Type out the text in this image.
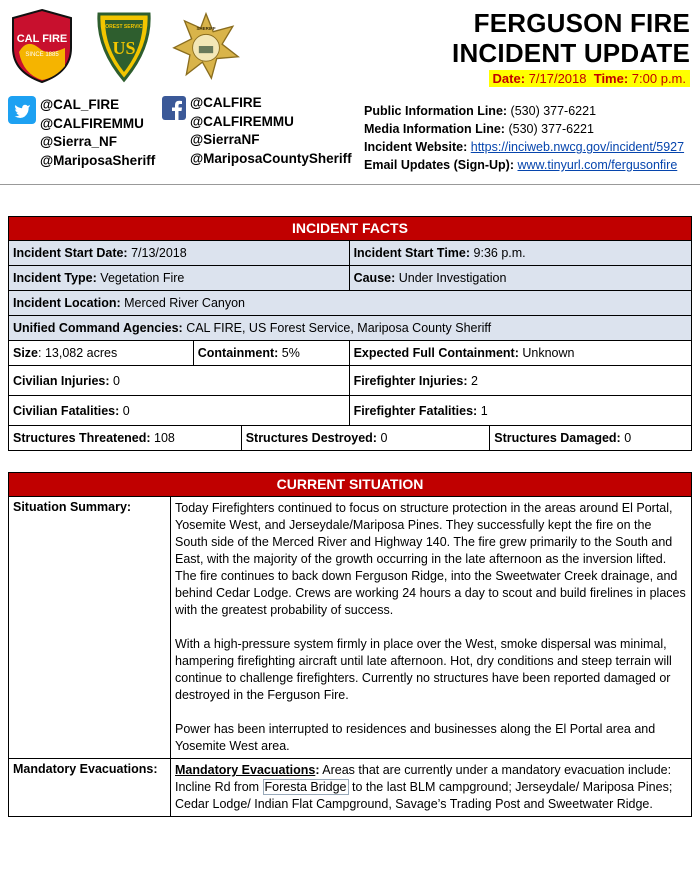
CAL FIRE
SINCE 1885
FOREST SERVICE
US
SHERIFF	FERGUSON FIRE
INCIDENT UPDATE
Date: 7/17/2018 Time: 7:00 p.m.
@CAL_FIRE
@CALFIREMMU
@Sierra_NF
@MariposaSheriff
@CALFIRE
@CALFIREMMU
@SierraNF
@MariposaCountySheriff
Public Information Line: (530) 377-6221
Media Information Line: (530) 377-6221
Incident Website: https://inciweb.nwcg.gov/incident/5927
Email Updates (Sign-Up): www.tinyurl.com/fergusonfire
INCIDENT FACTS				
Incident Start Date: 7/13/2018			Incident Start Time: 9:36 p.m.	
Incident Type: Vegetation Fire			Cause: Under Investigation	
Incident Location: Merced River Canyon				
Unified Command Agencies: CAL FIRE, US Forest Service, Mariposa County Sheriff				
Size: 13,082 acres	Containment: 5%		Expected Full Containment: Unknown	
Civilian Injuries: 0			Firefighter Injuries: 2	
Civilian Fatalities: 0			Firefighter Fatalities: 1	
Structures Threatened: 108		Structures Destroyed: 0		Structures Damaged: 0
CURRENT SITUATION	
Situation Summary:	Today Firefighters continued to focus on structure protection in the areas around El Portal, Yosemite West, and Jerseydale/Mariposa Pines. They successfully kept the fire on the South side of the Merced River and Highway 140. The fire grew primarily to the South and East, with the majority of the growth occurring in the late afternoon as the inversion lifted. The fire continues to back down Ferguson Ridge, into the Sweetwater Creek drainage, and behind Cedar Lodge. Crews are working 24 hours a day to scout and build firelines in places with the greatest probability of success.

With a high-pressure system firmly in place over the West, smoke dispersal was minimal, hampering firefighting aircraft until late afternoon. Hot, dry conditions and steep terrain will continue to challenge firefighters. Currently no structures have been reported damaged or destroyed in the Ferguson Fire.

Power has been interrupted to residences and businesses along the El Portal area and Yosemite West area.

Mandatory Evacuations:	Mandatory Evacuations: Areas that are currently under a mandatory evacuation include: Incline Rd from Foresta Bridge to the last BLM campground; Jerseydale/ Mariposa Pines; Cedar Lodge/ Indian Flat Campground, Savage’s Trading Post and Sweetwater Ridge.
